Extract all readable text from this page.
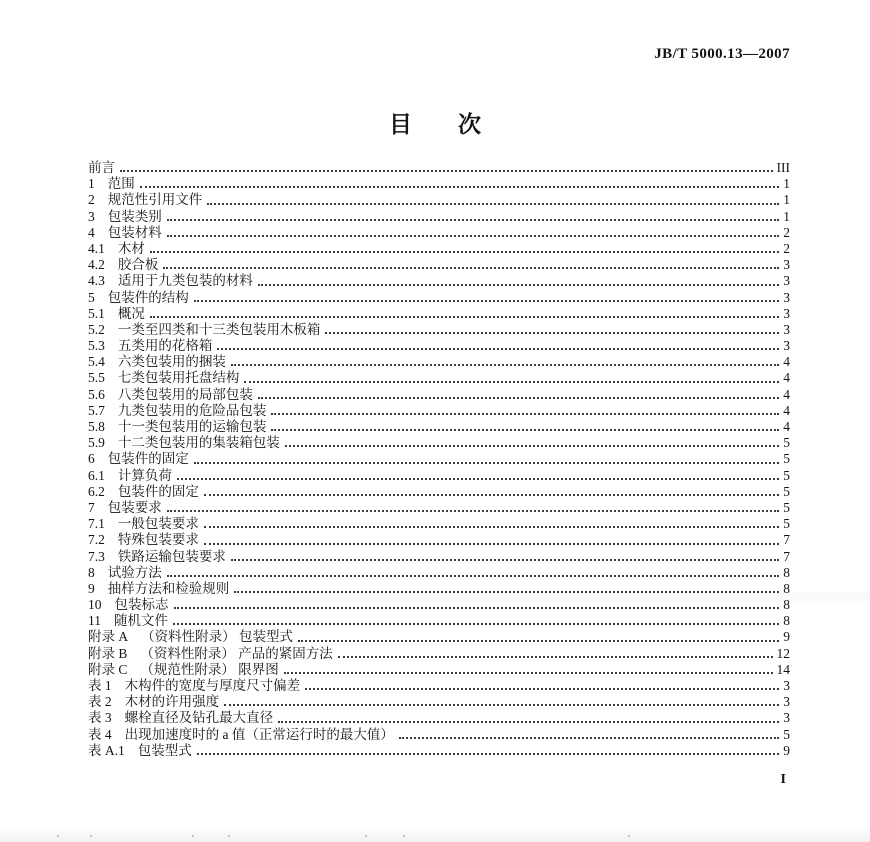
JB/T 5000.13—2007
目　　次
前言	III
1 范围	1
2 规范性引用文件	1
3 包装类别	1
4 包装材料	2
4.1 木材	2
4.2 胶合板	3
4.3 适用于九类包装的材料	3
5 包装件的结构	3
5.1 概况	3
5.2 一类至四类和十三类包装用木板箱	3
5.3 五类用的花格箱	3
5.4 六类包装用的捆装	4
5.5 七类包装用托盘结构	4
5.6 八类包装用的局部包装	4
5.7 九类包装用的危险品包装	4
5.8 十一类包装用的运输包装	4
5.9 十二类包装用的集装箱包装	5
6 包装件的固定	5
6.1 计算负荷	5
6.2 包装件的固定	5
7 包装要求	5
7.1 一般包装要求	5
7.2 特殊包装要求	7
7.3 铁路运输包装要求	7
8 试验方法	8
9 抽样方法和检验规则	8
10 包装标志	8
11 随机文件	8
附录 A （资料性附录） 包装型式	9
附录 B （资料性附录） 产品的紧固方法	12
附录 C （规范性附录） 限界图	14
表 1 木构件的宽度与厚度尺寸偏差	3
表 2 木材的许用强度	3
表 3 螺栓直径及钻孔最大直径	3
表 4 出现加速度时的 a 值（正常运行时的最大值）	5
表 A.1 包装型式	9
I
